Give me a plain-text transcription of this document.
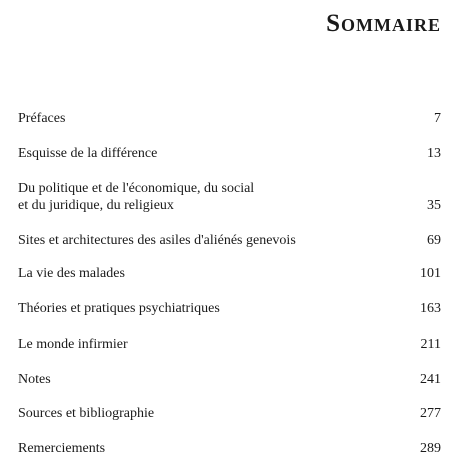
Sommaire
Préfaces	7
Esquisse de la différence	13
Du politique et de l'économique, du social
et du juridique, du religieux	35
Sites et architectures des asiles d'aliénés genevois	69
La vie des malades	101
Théories et pratiques psychiatriques	163
Le monde infirmier	211
Notes	241
Sources et bibliographie	277
Remerciements	289
